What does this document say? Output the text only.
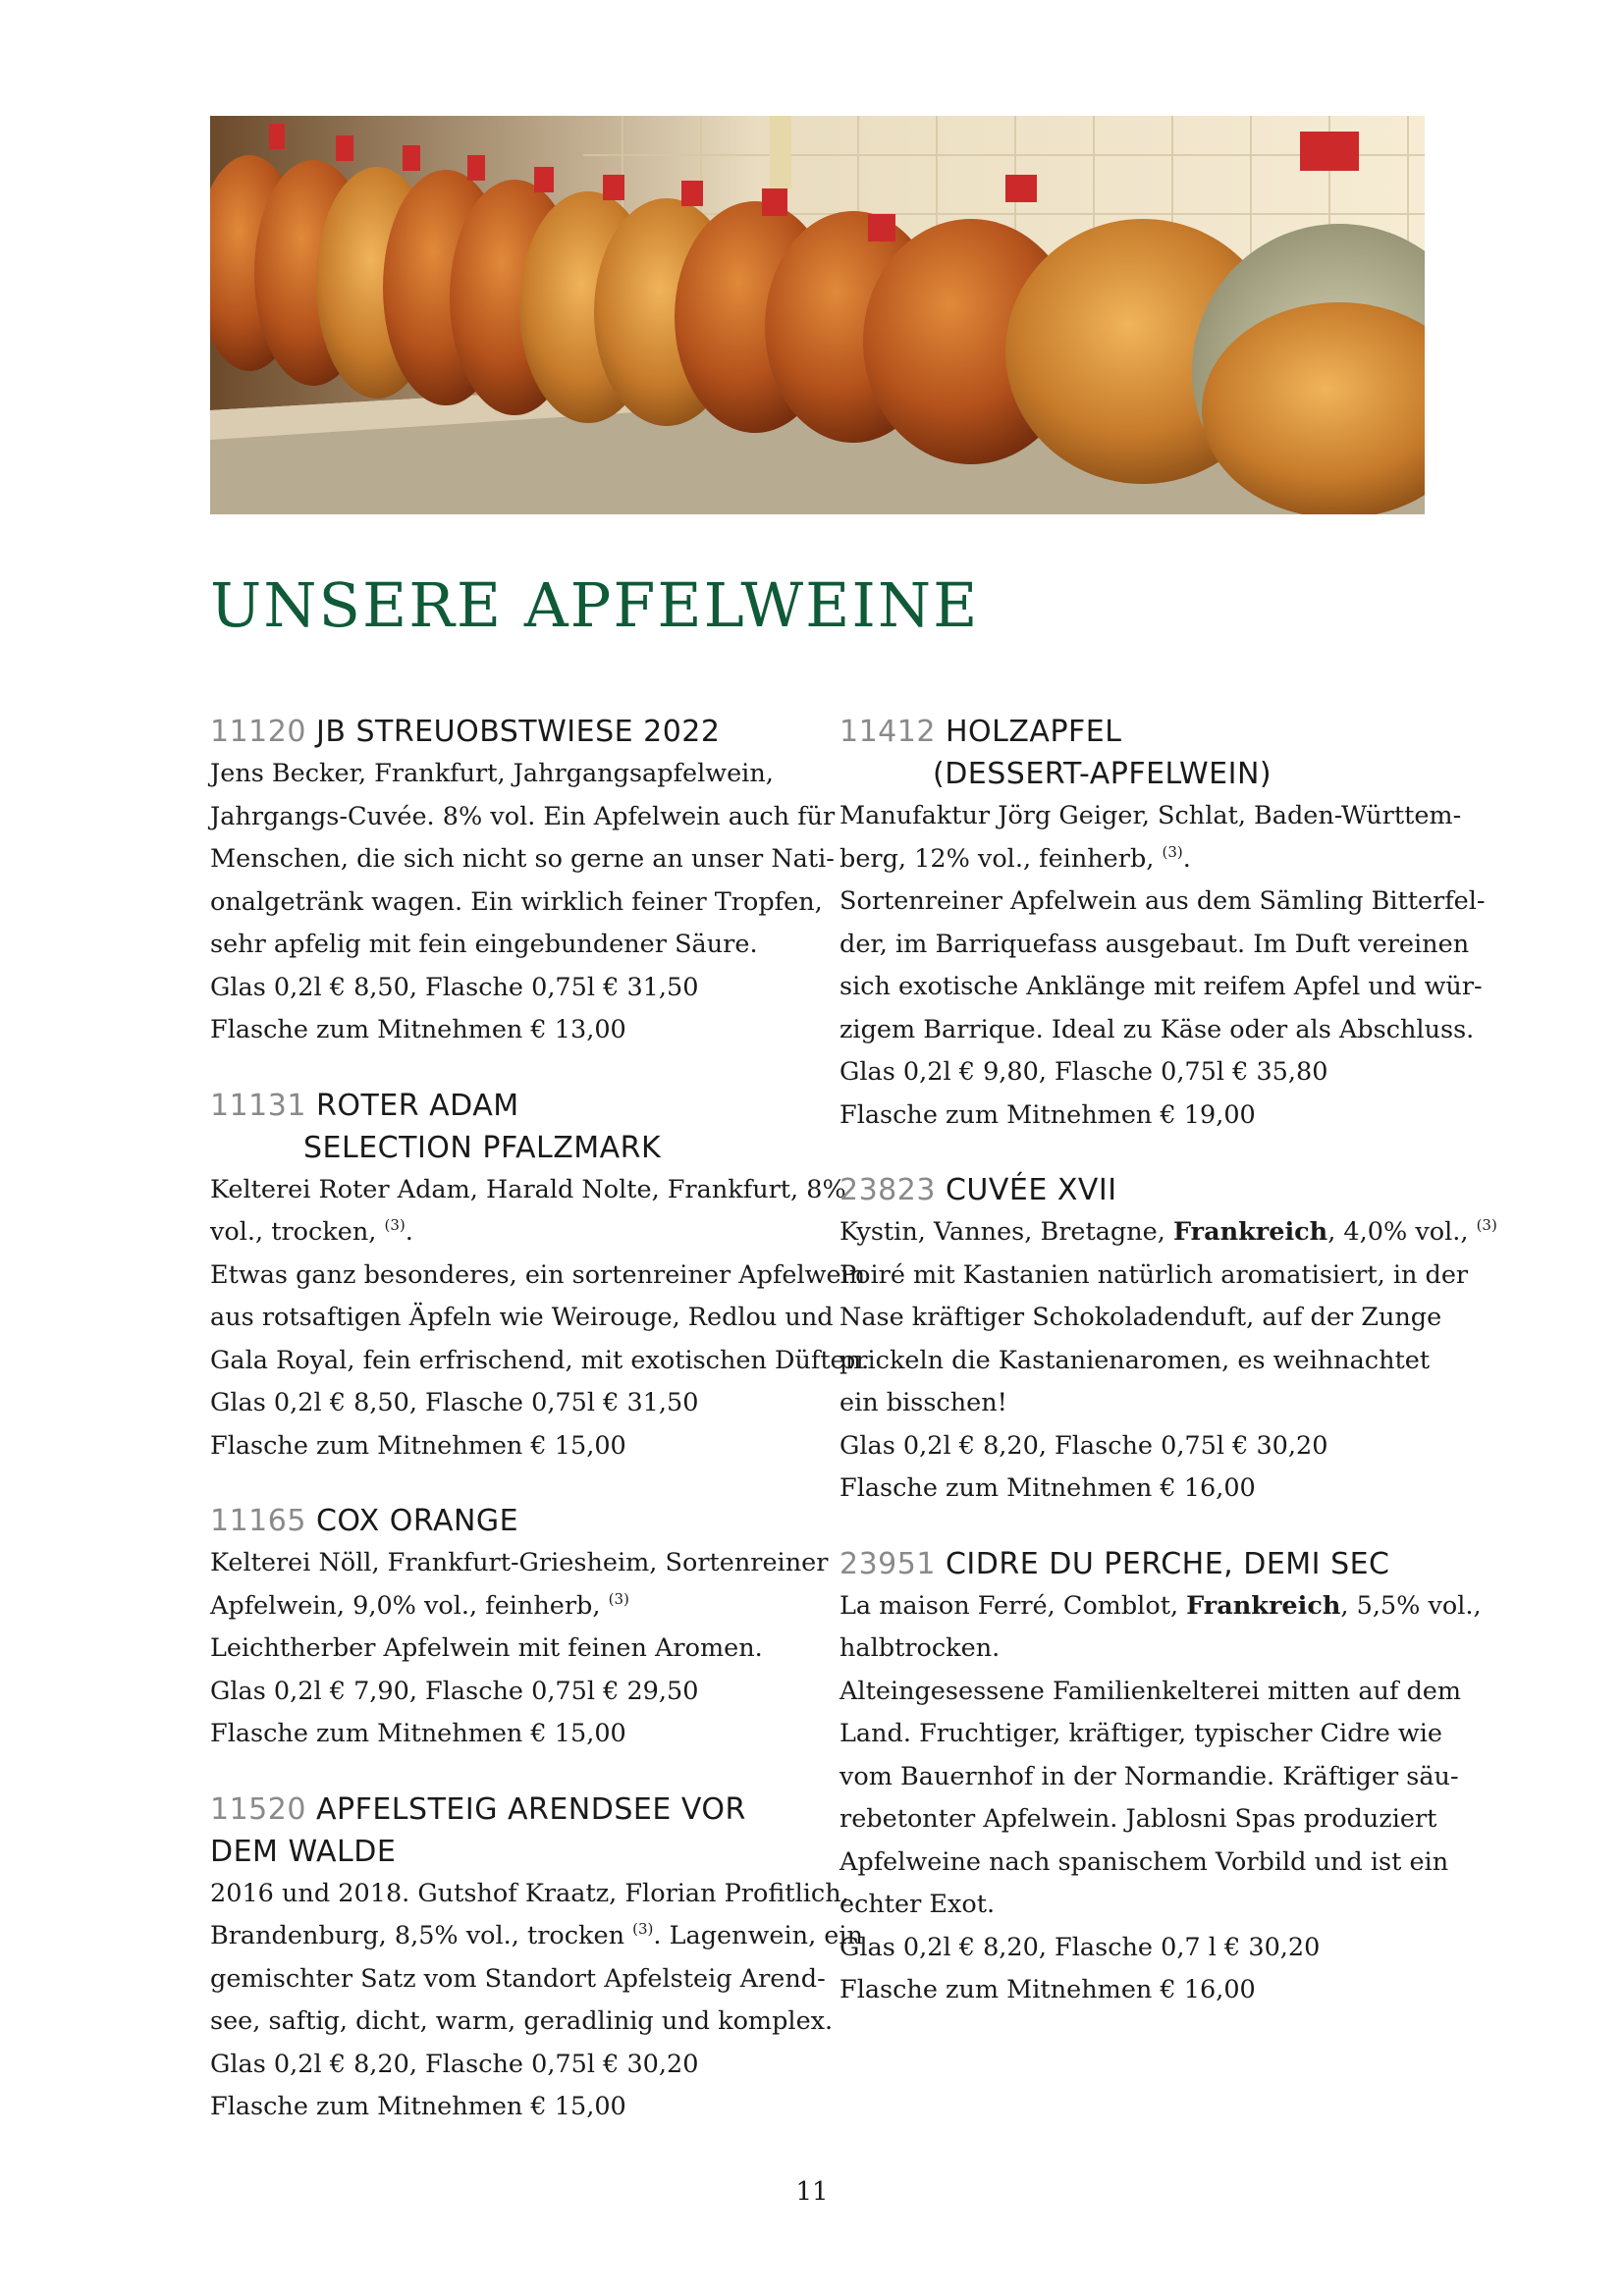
UNSERE APFELWEINE
11120 JB STREUOBSTWIESE 2022
Jens Becker, Frankfurt, Jahrgangsapfelwein,
Jahrgangs-Cuvée. 8% vol. Ein Apfelwein auch für
Menschen, die sich nicht so gerne an unser Nati-
onalgetränk wagen. Ein wirklich feiner Tropfen,
sehr apfelig mit fein eingebundener Säure.
Glas 0,2l € 8,50, Flasche 0,75l € 31,50
Flasche zum Mitnehmen € 13,00
11131 ROTER ADAM
SELECTION PFALZMARK
Kelterei Roter Adam, Harald Nolte, Frankfurt, 8%
vol., trocken, $^{(3)}$.
Etwas ganz besonderes, ein sortenreiner Apfelwein
aus rotsaftigen Äpfeln wie Weirouge, Redlou und
Gala Royal, fein erfrischend, mit exotischen Düften.
Glas 0,2l € 8,50, Flasche 0,75l € 31,50
Flasche zum Mitnehmen € 15,00
11165 COX ORANGE
Kelterei Nöll, Frankfurt-Griesheim, Sortenreiner
Apfelwein, 9,0% vol., feinherb, $^{(3)}$
Leichtherber Apfelwein mit feinen Aromen.
Glas 0,2l € 7,90, Flasche 0,75l € 29,50
Flasche zum Mitnehmen € 15,00
11520 APFELSTEIG ARENDSEE VOR
DEM WALDE
2016 und 2018. Gutshof Kraatz, Florian Profitlich,
Brandenburg, 8,5% vol., trocken $^{(3)}$. Lagenwein, ein
gemischter Satz vom Standort Apfelsteig Arend-
see, saftig, dicht, warm, geradlinig und komplex.
Glas 0,2l € 8,20, Flasche 0,75l € 30,20
Flasche zum Mitnehmen € 15,00
11412 HOLZAPFEL
(DESSERT-APFELWEIN)
Manufaktur Jörg Geiger, Schlat, Baden-Württem-
berg, 12% vol., feinherb, $^{(3)}$.
Sortenreiner Apfelwein aus dem Sämling Bitterfel-
der, im Barriquefass ausgebaut. Im Duft vereinen
sich exotische Anklänge mit reifem Apfel und wür-
zigem Barrique. Ideal zu Käse oder als Abschluss.
Glas 0,2l € 9,80, Flasche 0,75l € 35,80
Flasche zum Mitnehmen € 19,00
23823 CUVÉE XVII
Kystin, Vannes, Bretagne, Frankreich, 4,0% vol., $^{(3)}$
Poiré mit Kastanien natürlich aromatisiert, in der
Nase kräftiger Schokoladenduft, auf der Zunge
prickeln die Kastanienaromen, es weihnachtet
ein bisschen!
Glas 0,2l € 8,20, Flasche 0,75l € 30,20
Flasche zum Mitnehmen € 16,00
23951 CIDRE DU PERCHE, DEMI SEC
La maison Ferré, Comblot, Frankreich, 5,5% vol.,
halbtrocken.
Alteingesessene Familienkelterei mitten auf dem
Land. Fruchtiger, kräftiger, typischer Cidre wie
vom Bauernhof in der Normandie. Kräftiger säu-
rebetonter Apfelwein. Jablosni Spas produziert
Apfelweine nach spanischem Vorbild und ist ein
echter Exot.
Glas 0,2l € 8,20, Flasche 0,7 l € 30,20
Flasche zum Mitnehmen € 16,00
11
